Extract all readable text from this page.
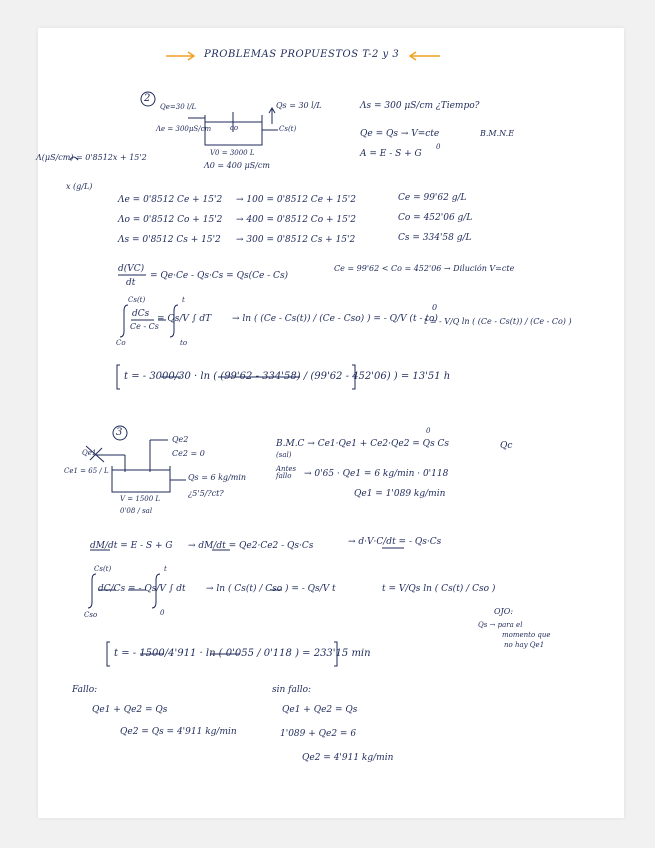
PROBLEMAS PROPUESTOS T-2 y 3
2
Qe=30 l/L
Λe = 300μS/cm
Qs = 30 l/L
co	Cs(t)
V0 = 3000 L
Λ0 = 400 μS/cm
Λs = 300 μS/cm ¿Tiempo?
Qe = Qs → V=cte	B.M.N.E
A = E - S + G
0
Λ(μS/cm) = 0'8512x + 15'2
x (g/L)
Λe = 0'8512 Ce + 15'2 → 100 = 0'8512 Ce + 15'2	Ce = 99'62 g/L
Λo = 0'8512 Co + 15'2 → 400 = 0'8512 Co + 15'2	Co = 452'06 g/L
Λs = 0'8512 Cs + 15'2 → 300 = 0'8512 Cs + 15'2	Cs = 334'58 g/L
d(VC)
dt
= Qe·Ce - Qs·Cs = Qs(Ce - Cs)
Ce = 99'62 < Co = 452'06 → Dilución V=cte
Cs(t)
Co
dCs
Ce - Cs
= Qs/V ∫ dT
t
to
→ ln ( (Ce - Cs(t)) / (Ce - Cso) ) = - Q/V (t - to)
0
t = - V/Q ln ( (Ce - Cs(t)) / (Ce - Co) )
t = - 3000/30 · ln ( (99'62 - 334'58) / (99'62 - 452'06) ) = 13'51 h
3
Qe2
Ce2 = 0
Qe1
Ce1 = 65 / L
Qs = 6 kg/min
¿5'5/?ct?
V = 1500 L
0'08 / sal
B.M.C → Ce1·Qe1 + Ce2·Qe2 = Qs Cs
(sal)
0
Qc
Antes fallo	→ 0'65 · Qe1 = 6 kg/min · 0'118
Qe1 = 1'089 kg/min
dM/dt = E - S + G → dM/dt = Qe2·Ce2 - Qs·Cs	→ d·V·C/dt = - Qs·Cs
Cs(t)
Cso
dC/Cs = - Qs/V ∫ dt
t
0
→ ln ( Cs(t) / Cso ) = - Qs/V t	t = V/Qs ln ( Cs(t) / Cso )
OJO:
Qs → para el
momento que
no hay Qe1
t = - 1500/4'911 · ln ( 0'055 / 0'118 ) = 233'15 min
Fallo:
Qe1 + Qe2 = Qs
Qe2 = Qs = 4'911 kg/min
sin fallo:
Qe1 + Qe2 = Qs
1'089 + Qe2 = 6
Qe2 = 4'911 kg/min
